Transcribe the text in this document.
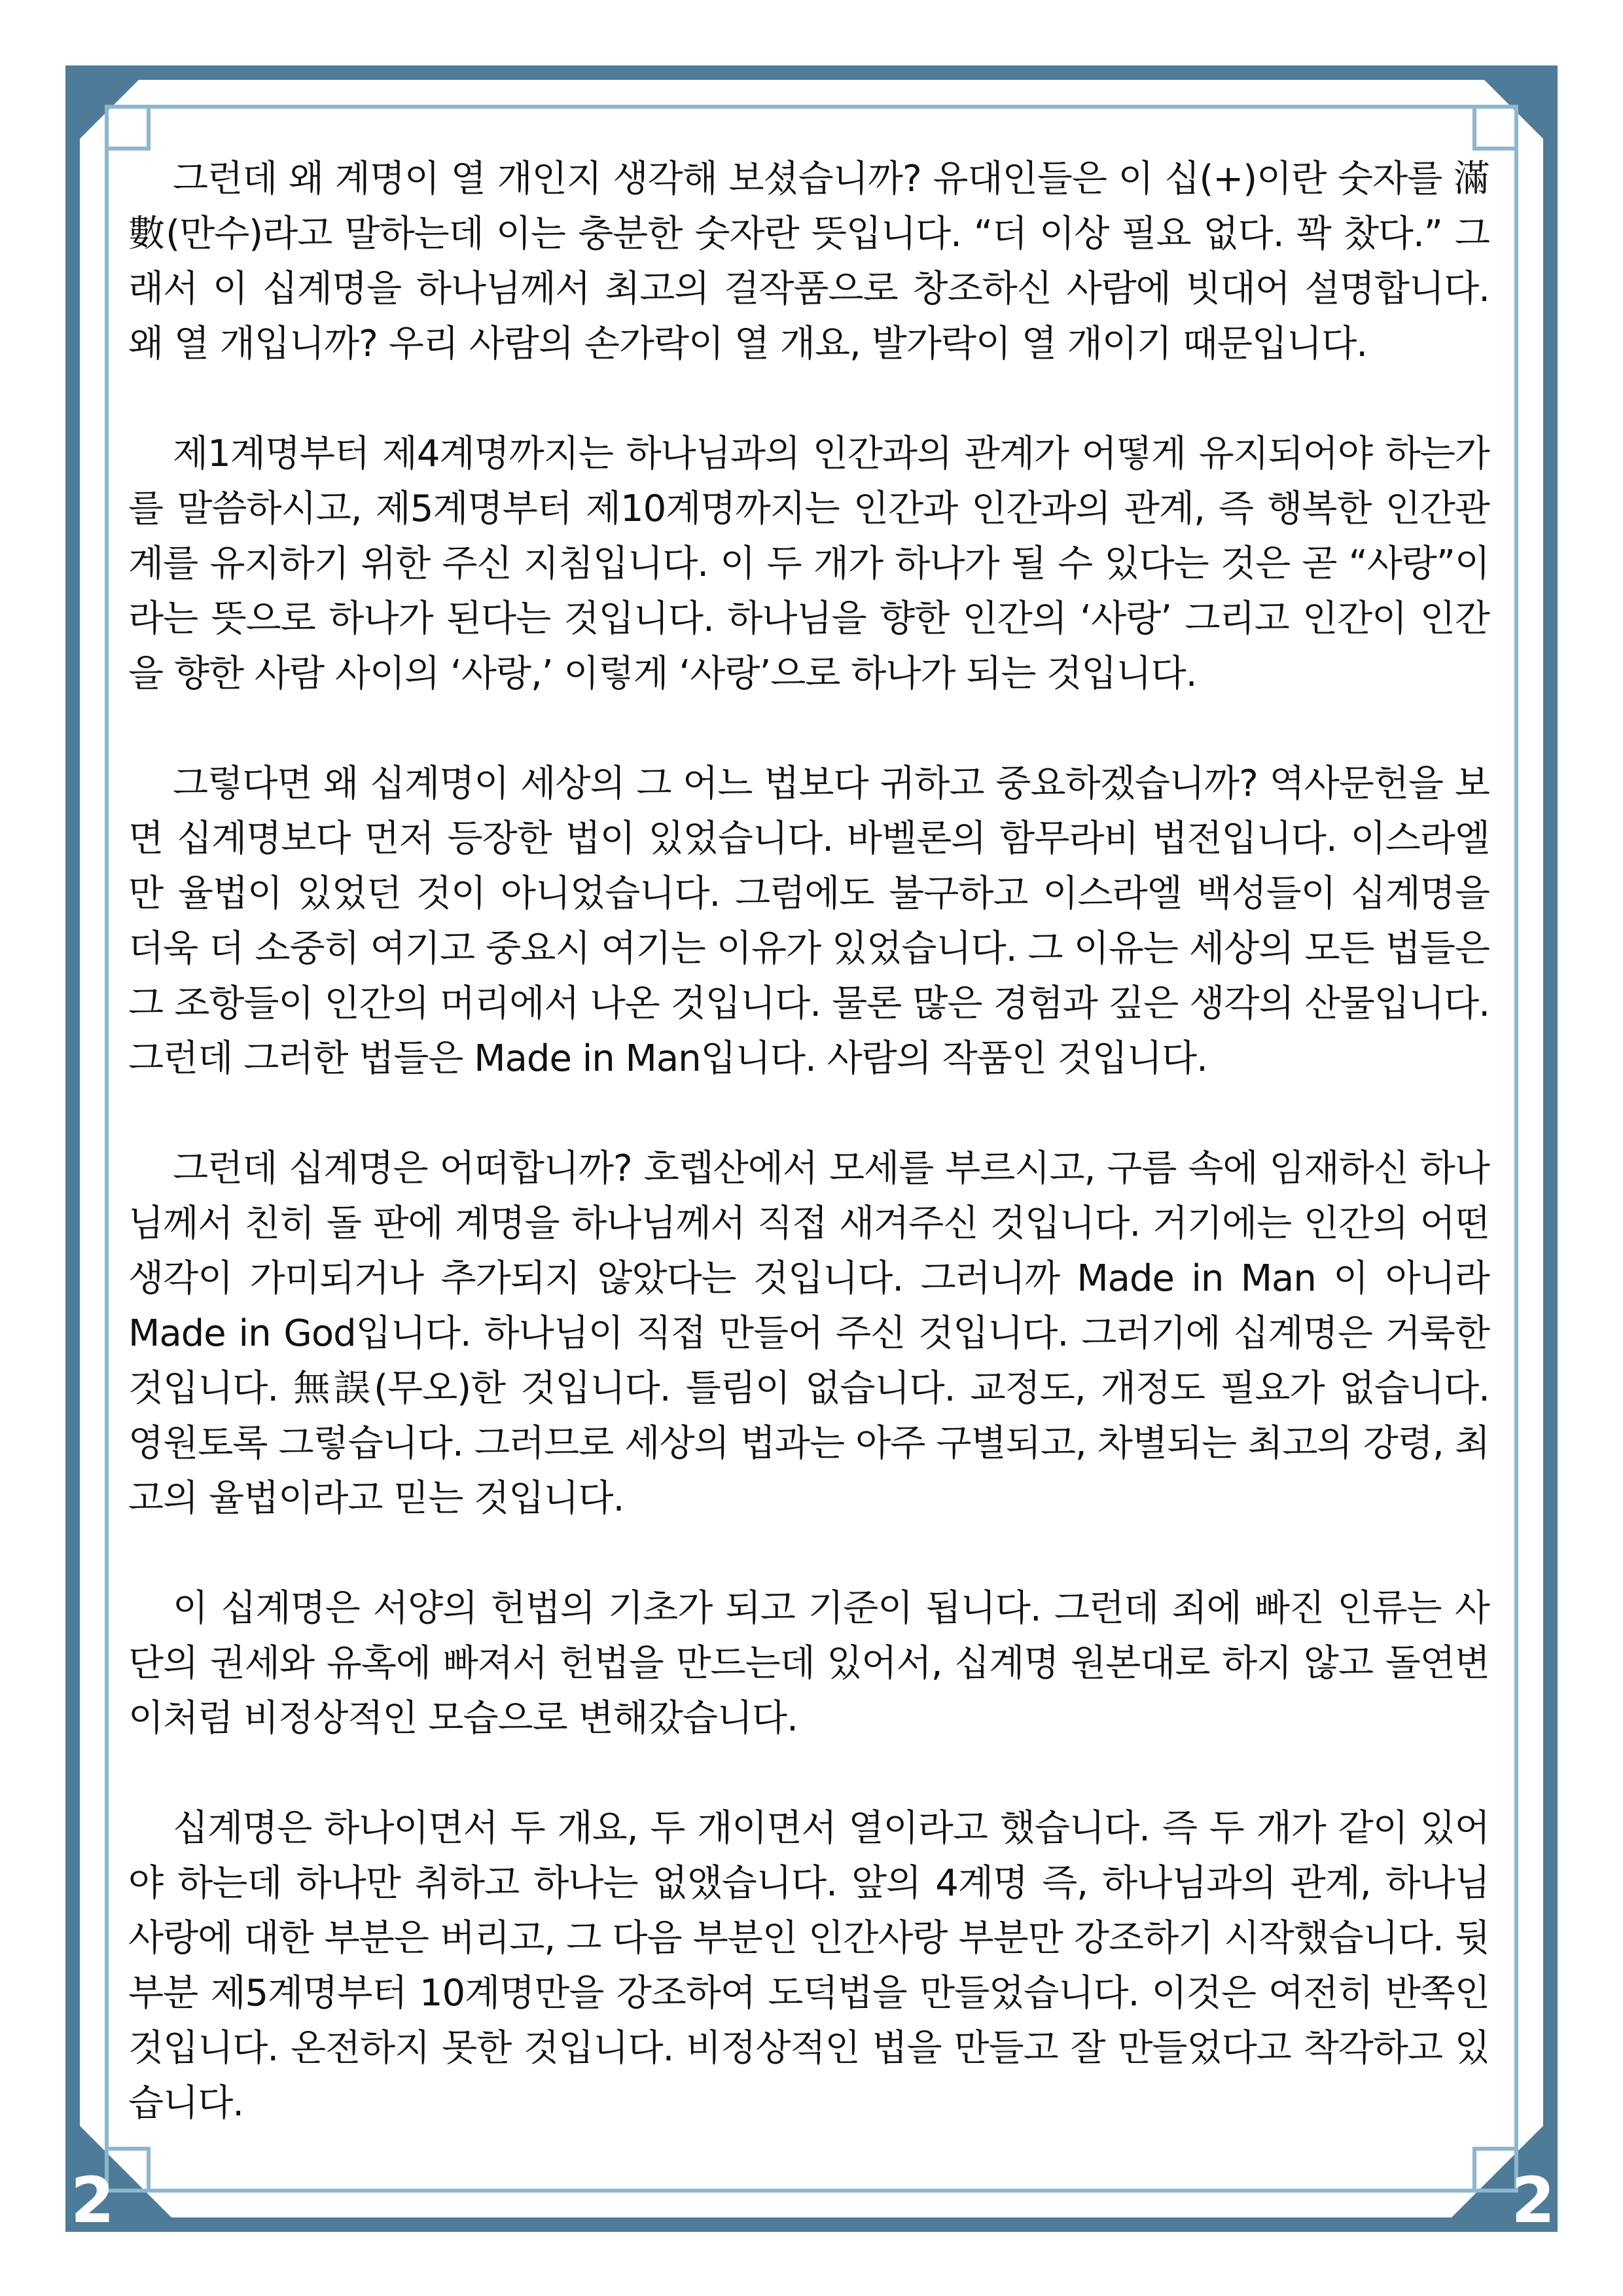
그런데 왜 계명이 열 개인지 생각해 보셨습니까? 유대인들은 이 십(+)이란 숫자를 滿數(만수)라고 말하는데 이는 충분한 숫자란 뜻입니다. “더 이상 필요 없다. 꽉 찼다.” 그래서 이 십계명을 하나님께서 최고의 걸작품으로 창조하신 사람에 빗대어 설명합니다. 왜 열 개입니까? 우리 사람의 손가락이 열 개요, 발가락이 열 개이기 때문입니다.

제1계명부터 제4계명까지는 하나님과의 인간과의 관계가 어떻게 유지되어야 하는가를 말씀하시고, 제5계명부터 제10계명까지는 인간과 인간과의 관계, 즉 행복한 인간관계를 유지하기 위한 주신 지침입니다. 이 두 개가 하나가 될 수 있다는 것은 곧 “사랑”이라는 뜻으로 하나가 된다는 것입니다. 하나님을 향한 인간의 ‘사랑’ 그리고 인간이 인간을 향한 사람 사이의 ‘사랑,’ 이렇게 ‘사랑’으로 하나가 되는 것입니다.

그렇다면 왜 십계명이 세상의 그 어느 법보다 귀하고 중요하겠습니까? 역사문헌을 보면 십계명보다 먼저 등장한 법이 있었습니다. 바벨론의 함무라비 법전입니다. 이스라엘만 율법이 있었던 것이 아니었습니다. 그럼에도 불구하고 이스라엘 백성들이 십계명을 더욱 더 소중히 여기고 중요시 여기는 이유가 있었습니다. 그 이유는 세상의 모든 법들은 그 조항들이 인간의 머리에서 나온 것입니다. 물론 많은 경험과 깊은 생각의 산물입니다. 그런데 그러한 법들은 Made in Man입니다. 사람의 작품인 것입니다.

그런데 십계명은 어떠합니까? 호렙산에서 모세를 부르시고, 구름 속에 임재하신 하나님께서 친히 돌 판에 계명을 하나님께서 직접 새겨주신 것입니다. 거기에는 인간의 어떤 생각이 가미되거나 추가되지 않았다는 것입니다. 그러니까 Made in Man 이 아니라 Made in God입니다. 하나님이 직접 만들어 주신 것입니다. 그러기에 십계명은 거룩한 것입니다. 無誤(무오)한 것입니다. 틀림이 없습니다. 교정도, 개정도 필요가 없습니다. 영원토록 그렇습니다. 그러므로 세상의 법과는 아주 구별되고, 차별되는 최고의 강령, 최고의 율법이라고 믿는 것입니다.

이 십계명은 서양의 헌법의 기초가 되고 기준이 됩니다. 그런데 죄에 빠진 인류는 사단의 권세와 유혹에 빠져서 헌법을 만드는데 있어서, 십계명 원본대로 하지 않고 돌연변이처럼 비정상적인 모습으로 변해갔습니다.

십계명은 하나이면서 두 개요, 두 개이면서 열이라고 했습니다. 즉 두 개가 같이 있어야 하는데 하나만 취하고 하나는 없앴습니다. 앞의 4계명 즉, 하나님과의 관계, 하나님 사랑에 대한 부분은 버리고, 그 다음 부분인 인간사랑 부분만 강조하기 시작했습니다. 뒷 부분 제5계명부터 10계명만을 강조하여 도덕법을 만들었습니다. 이것은 여전히 반쪽인 것입니다. 온전하지 못한 것입니다. 비정상적인 법을 만들고 잘 만들었다고 착각하고 있습니다.

2	2
